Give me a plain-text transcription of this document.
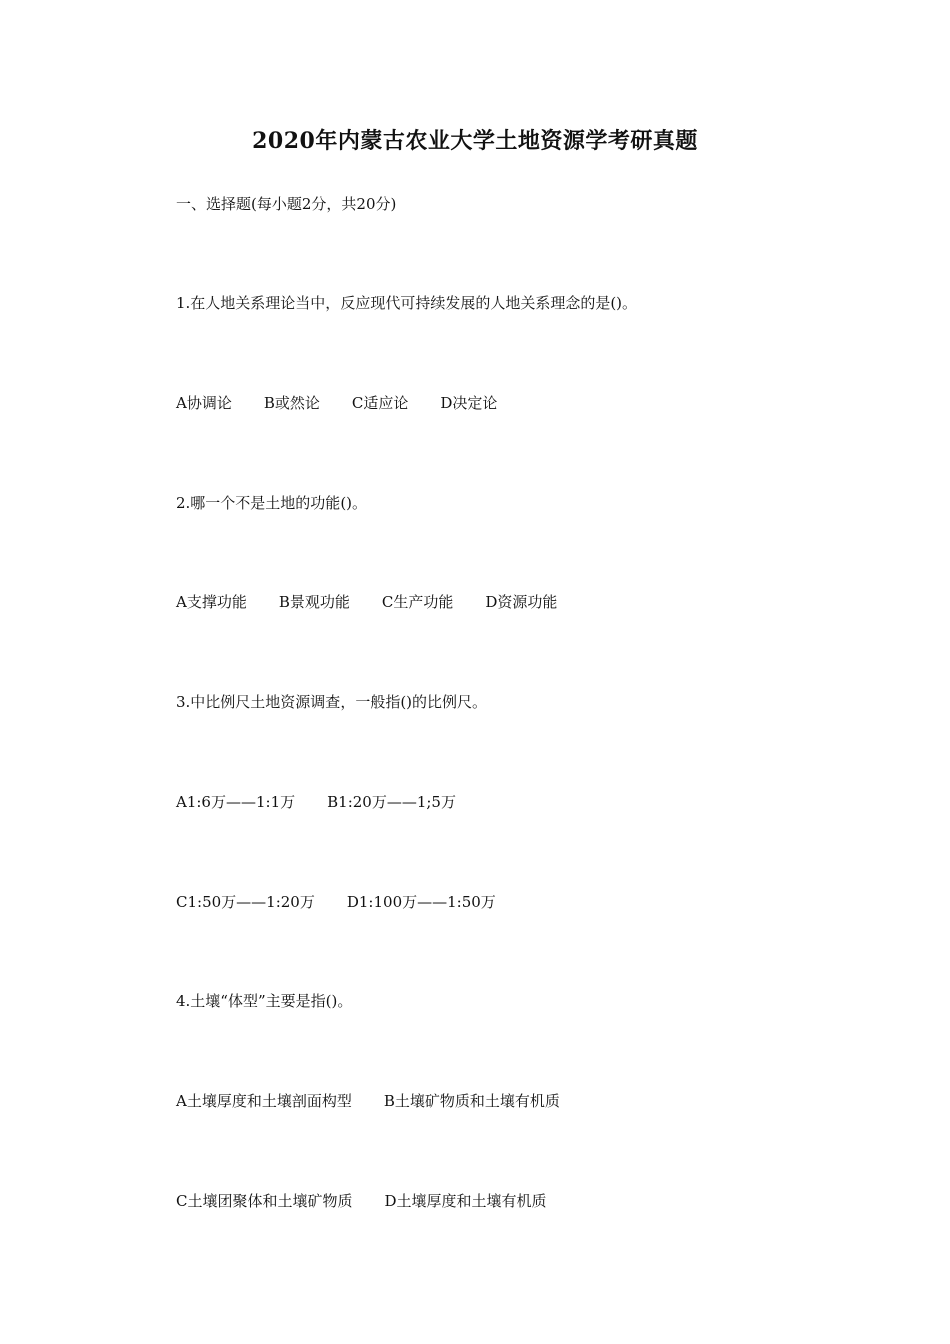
2020年内蒙古农业大学土地资源学考研真题

一、选择题(每小题2分，共20分)

1.在人地关系理论当中，反应现代可持续发展的人地关系理念的是()。

A协调论 B或然论 C适应论 D决定论

2.哪一个不是土地的功能()。

A支撑功能 B景观功能 C生产功能 D资源功能

3.中比例尺土地资源调查，一般指()的比例尺。

A1:6万——1:1万 B1:20万——1;5万
C1:50万——1:20万 D1:100万——1:50万

4.土壤“体型”主要是指()。

A土壤厚度和土壤剖面构型 B土壤矿物质和土壤有机质
C土壤团聚体和土壤矿物质 D土壤厚度和土壤有机质
